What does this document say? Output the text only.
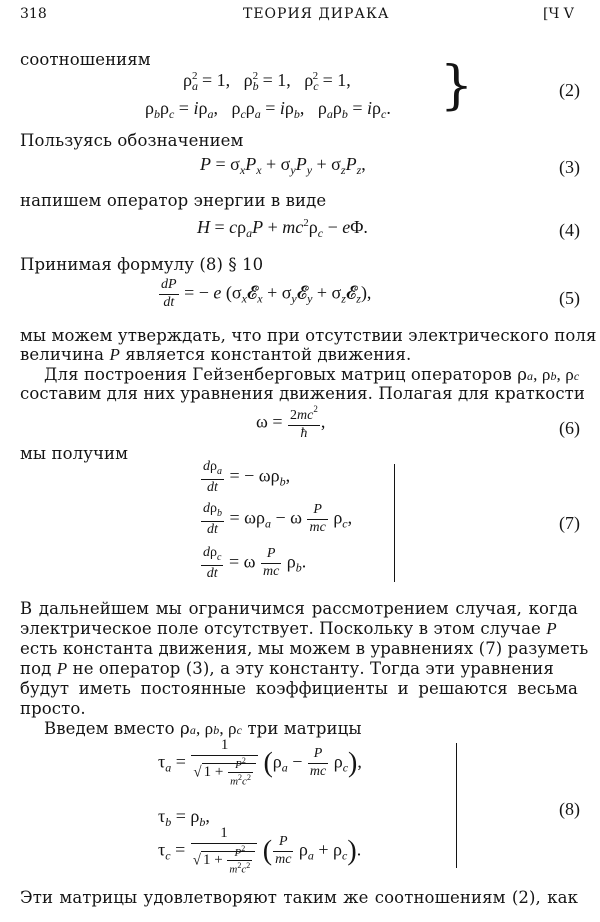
318	ТЕОРИЯ ДИРАКА	[Ч V
соотношениям
$\rho_a^2 = 1$,   $\rho_b^2 = 1$,   $\rho_c^2 = 1$,
$\rho_b\rho_c = i\rho_a$,   $\rho_c\rho_a = i\rho_b$,   $\rho_a\rho_b = i\rho_c$. }	(2)
Пользуясь обозначением
$P = \sigma_xP_x + \sigma_yP_y + \sigma_zP_z$,	(3)
напишем оператор энергии в виде
$H = c\rho_aP + mc^2\rho_c - e\Phi$.	(4)
Принимая формулу (8) § 10
$\frac{dP}{dt}$ = − e ($\sigma_x𝓔_x$ + $\sigma_y𝓔_y$ + $\sigma_z𝓔_z$),	(5)
мы можем утверждать, что при отсутствии электрического поля
величина P является константой движения.
Для построения Гейзенберговых матриц операторов ρa, ρb, ρc
составим для них уравнения движения. Полагая для краткости
$\omega = \frac{2mc^2}{ħ}$ ,	(6)
мы получим
$\frac{d\rho_a}{dt}$ = − $\omega\rho_b$,
$\frac{d\rho_b}{dt} = \omega\rho_a - \omega \frac{P}{mc} \rho_c$,
$\frac{d\rho_c}{dt} = \omega \frac{P}{mc} \rho_b$.
(7)
В дальнейшем мы ограничимся рассмотрением случая, когда
электрическое поле отсутствует. Поскольку в этом случае P
есть константа движения, мы можем в уравнениях (7) разуметь
под P не оператор (3), а эту константу. Тогда эти уравнения
будут иметь постоянные коэффициенты и решаются весьма
просто.
Введем вместо ρa, ρb, ρc три матрицы
$\tau_a = \frac{1}{√ 1 + \frac{P^2}{m^2c^2}} (\rho_a - \frac{P}{mc} \rho_c)$,
$\tau_b = \rho_b$,
$\tau_c = \frac{1}{√ 1 + \frac{P^2}{m^2c^2}}$ ( $\frac{P}{mc} \rho_a + \rho_c$).
(8)
Эти матрицы удовлетворяют таким же соотношениям (2), как
